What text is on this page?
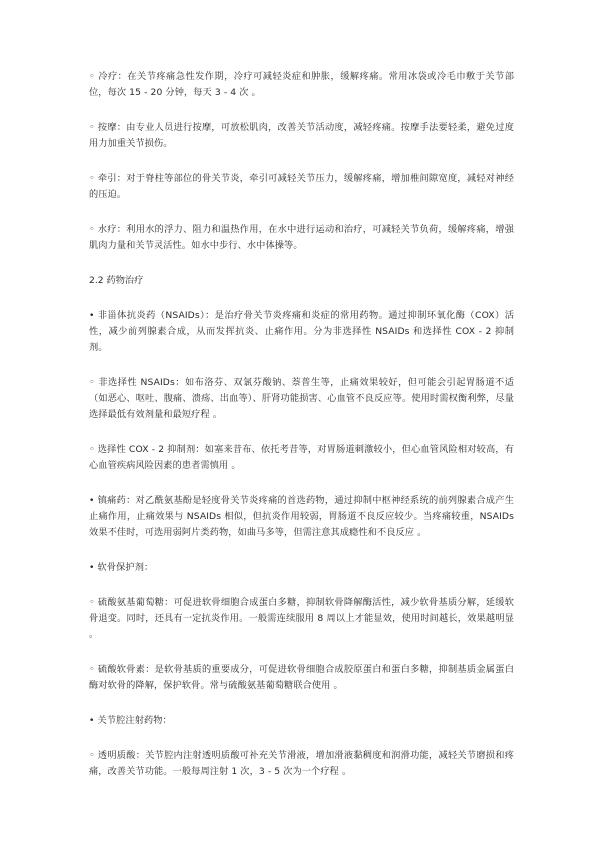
◦ 冷疗：在关节疼痛急性发作期，冷疗可减轻炎症和肿胀，缓解疼痛。常用冰袋或冷毛巾敷于关节部位，每次 15 - 20 分钟，每天 3 - 4 次 。

◦ 按摩：由专业人员进行按摩，可放松肌肉，改善关节活动度，减轻疼痛。按摩手法要轻柔，避免过度用力加重关节损伤。

◦ 牵引：对于脊柱等部位的骨关节炎，牵引可减轻关节压力，缓解疼痛，增加椎间隙宽度，减轻对神经的压迫。

◦ 水疗：利用水的浮力、阻力和温热作用，在水中进行运动和治疗，可减轻关节负荷，缓解疼痛，增强肌肉力量和关节灵活性。如水中步行、水中体操等。

2.2 药物治疗

• 非甾体抗炎药（NSAIDs）：是治疗骨关节炎疼痛和炎症的常用药物。通过抑制环氧化酶（COX）活性，减少前列腺素合成，从而发挥抗炎、止痛作用。分为非选择性 NSAIDs 和选择性 COX - 2 抑制剂。

◦ 非选择性 NSAIDs：如布洛芬、双氯芬酸钠、萘普生等，止痛效果较好，但可能会引起胃肠道不适（如恶心、呕吐、腹痛、溃疡、出血等）、肝肾功能损害、心血管不良反应等。使用时需权衡利弊，尽量选择最低有效剂量和最短疗程 。

◦ 选择性 COX - 2 抑制剂：如塞来昔布、依托考昔等，对胃肠道刺激较小，但心血管风险相对较高，有心血管疾病风险因素的患者需慎用 。

• 镇痛药：对乙酰氨基酚是轻度骨关节炎疼痛的首选药物，通过抑制中枢神经系统的前列腺素合成产生止痛作用，止痛效果与 NSAIDs 相似，但抗炎作用较弱，胃肠道不良反应较少。当疼痛较重，NSAIDs 效果不佳时，可选用弱阿片类药物，如曲马多等，但需注意其成瘾性和不良反应 。

• 软骨保护剂：

◦ 硫酸氨基葡萄糖：可促进软骨细胞合成蛋白多糖，抑制软骨降解酶活性，减少软骨基质分解，延缓软骨退变。同时，还具有一定抗炎作用。一般需连续服用 8 周以上才能显效，使用时间越长，效果越明显 。

◦ 硫酸软骨素：是软骨基质的重要成分，可促进软骨细胞合成胶原蛋白和蛋白多糖，抑制基质金属蛋白酶对软骨的降解，保护软骨。常与硫酸氨基葡萄糖联合使用 。

• 关节腔注射药物：

◦ 透明质酸：关节腔内注射透明质酸可补充关节滑液，增加滑液黏稠度和润滑功能，减轻关节磨损和疼痛，改善关节功能。一般每周注射 1 次，3 - 5 次为一个疗程 。
